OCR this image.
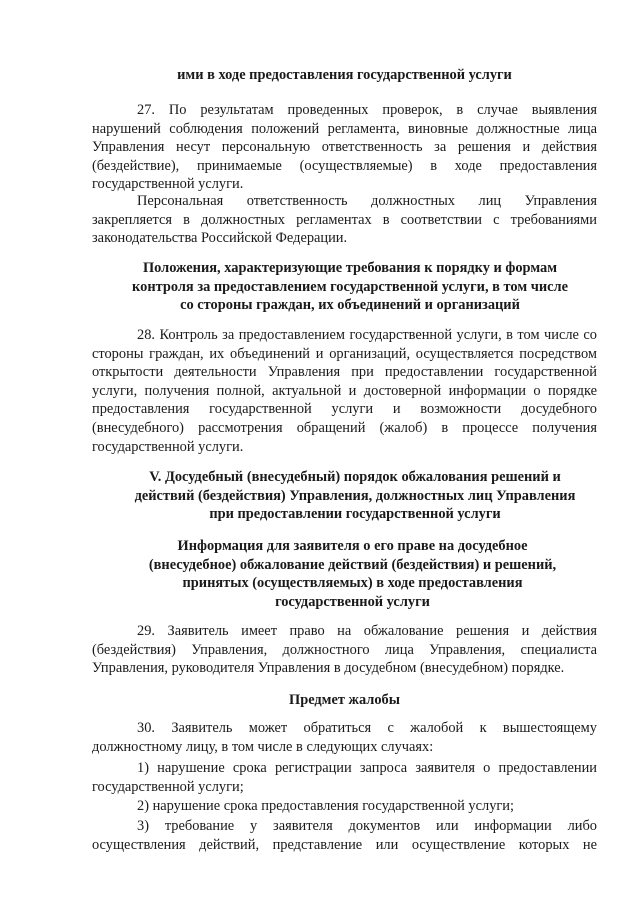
ими в ходе предоставления государственной услуги
27. По результатам проведенных проверок, в случае выявления нарушений соблюдения положений регламента, виновные должностные лица Управления несут персональную ответственность за решения и действия (бездействие), принимаемые (осуществляемые) в ходе предоставления государственной услуги.
Персональная ответственность должностных лиц Управления закрепляется в должностных регламентах в соответствии с требованиями законодательства Российской Федерации.
Положения, характеризующие требования к порядку и формам контроля за предоставлением государственной услуги, в том числе со стороны граждан, их объединений и организаций
28. Контроль за предоставлением государственной услуги, в том числе со стороны граждан, их объединений и организаций, осуществляется посредством открытости деятельности Управления при предоставлении государственной услуги, получения полной, актуальной и достоверной информации о порядке предоставления государственной услуги и возможности досудебного (внесудебного) рассмотрения обращений (жалоб) в процессе получения государственной услуги.
V. Досудебный (внесудебный) порядок обжалования решений и действий (бездействия) Управления, должностных лиц Управления при предоставлении государственной услуги
Информация для заявителя о его праве на досудебное (внесудебное) обжалование действий (бездействия) и решений, принятых (осуществляемых) в ходе предоставления государственной услуги
29. Заявитель имеет право на обжалование решения и действия (бездействия) Управления, должностного лица Управления, специалиста Управления, руководителя Управления в досудебном (внесудебном) порядке.
Предмет жалобы
30. Заявитель может обратиться с жалобой к вышестоящему должностному лицу, в том числе в следующих случаях:
1) нарушение срока регистрации запроса заявителя о предоставлении государственной услуги;
2) нарушение срока предоставления государственной услуги;
3) требование у заявителя документов или информации либо осуществления действий, представление или осуществление которых не
